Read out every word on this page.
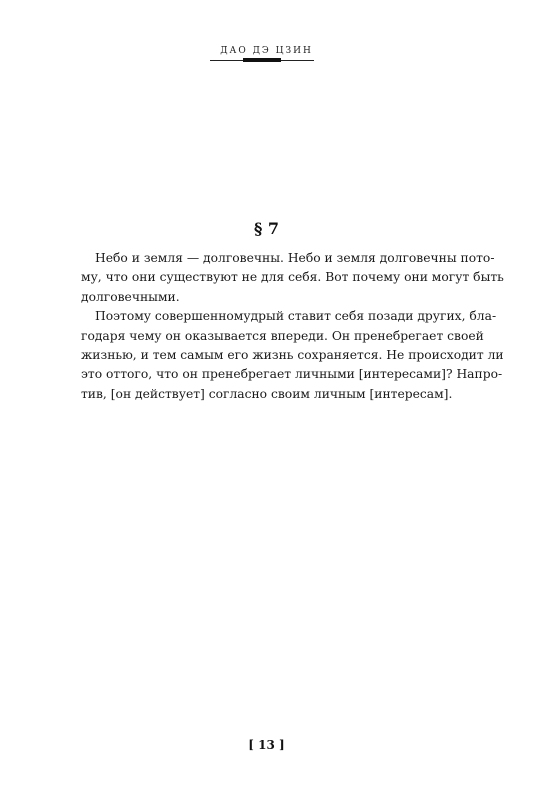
ДАО ДЭ ЦЗИН
§ 7
Небо и земля — долговечны. Небо и земля долговечны пото-
му, что они существуют не для себя. Вот почему они могут быть
долговечными.
Поэтому совершенномудрый ставит себя позади других, бла-
годаря чему он оказывается впереди. Он пренебрегает своей
жизнью, и тем самым его жизнь сохраняется. Не происходит ли
это оттого, что он пренебрегает личными [интересами]? Напро-
тив, [он действует] согласно своим личным [интересам].
[ 13 ]
